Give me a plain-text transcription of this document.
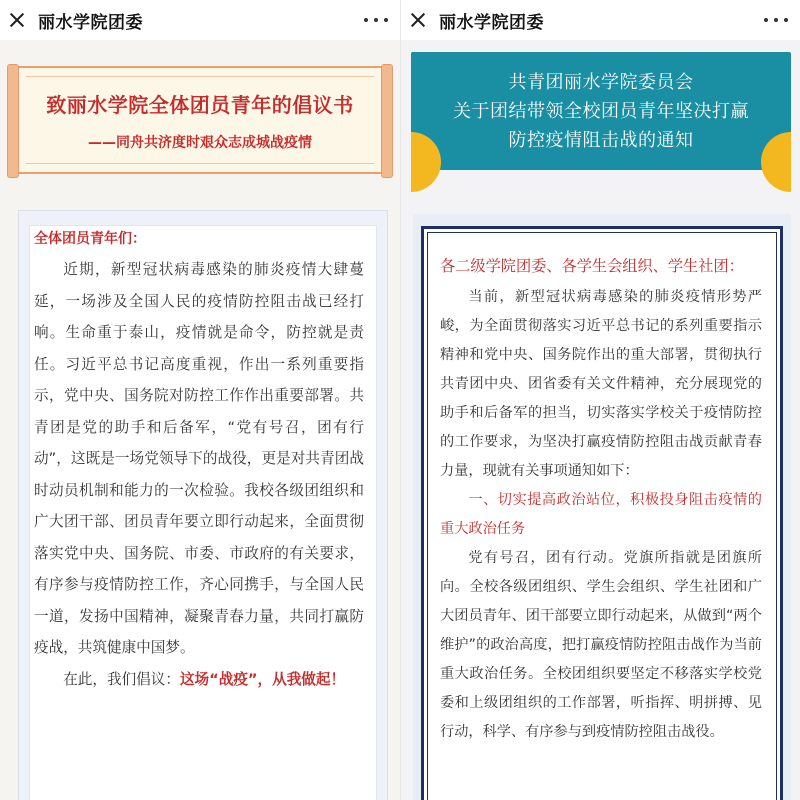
丽水学院团委
致丽水学院全体团员青年的倡议书
——同舟共济度时艰众志成城战疫情
丽水学院团委
共青团丽水学院委员会
关于团结带领全校团员青年坚决打赢
防控疫情阻击战的通知
全体团员青年们：

近期，新型冠状病毒感染的肺炎疫情大肆蔓延，一场涉及全国人民的疫情防控阻击战已经打响。生命重于泰山，疫情就是命令，防控就是责任。习近平总书记高度重视，作出一系列重要指示，党中央、国务院对防控工作作出重要部署。共青团是党的助手和后备军，“党有号召，团有行动”，这既是一场党领导下的战役，更是对共青团战时动员机制和能力的一次检验。我校各级团组织和广大团干部、团员青年要立即行动起来，全面贯彻落实党中央、国务院、市委、市政府的有关要求，有序参与疫情防控工作，齐心同携手，与全国人民一道，发扬中国精神，凝聚青春力量，共同打赢防疫战，共筑健康中国梦。

在此，我们倡议：这场“战疫”，从我做起！

各二级学院团委、各学生会组织、学生社团：

当前，新型冠状病毒感染的肺炎疫情形势严峻，为全面贯彻落实习近平总书记的系列重要指示精神和党中央、国务院作出的重大部署，贯彻执行共青团中央、团省委有关文件精神，充分展现党的助手和后备军的担当，切实落实学校关于疫情防控的工作要求，为坚决打赢疫情防控阻击战贡献青春力量，现就有关事项通知如下：

一、切实提高政治站位，积极投身阻击疫情的重大政治任务

党有号召，团有行动。党旗所指就是团旗所向。全校各级团组织、学生会组织、学生社团和广大团员青年、团干部要立即行动起来，从做到“两个维护”的政治高度，把打赢疫情防控阻击战作为当前重大政治任务。全校团组织要坚定不移落实学校党委和上级团组织的工作部署，听指挥、明拼搏、见行动，科学、有序参与到疫情防控阻击战役。
